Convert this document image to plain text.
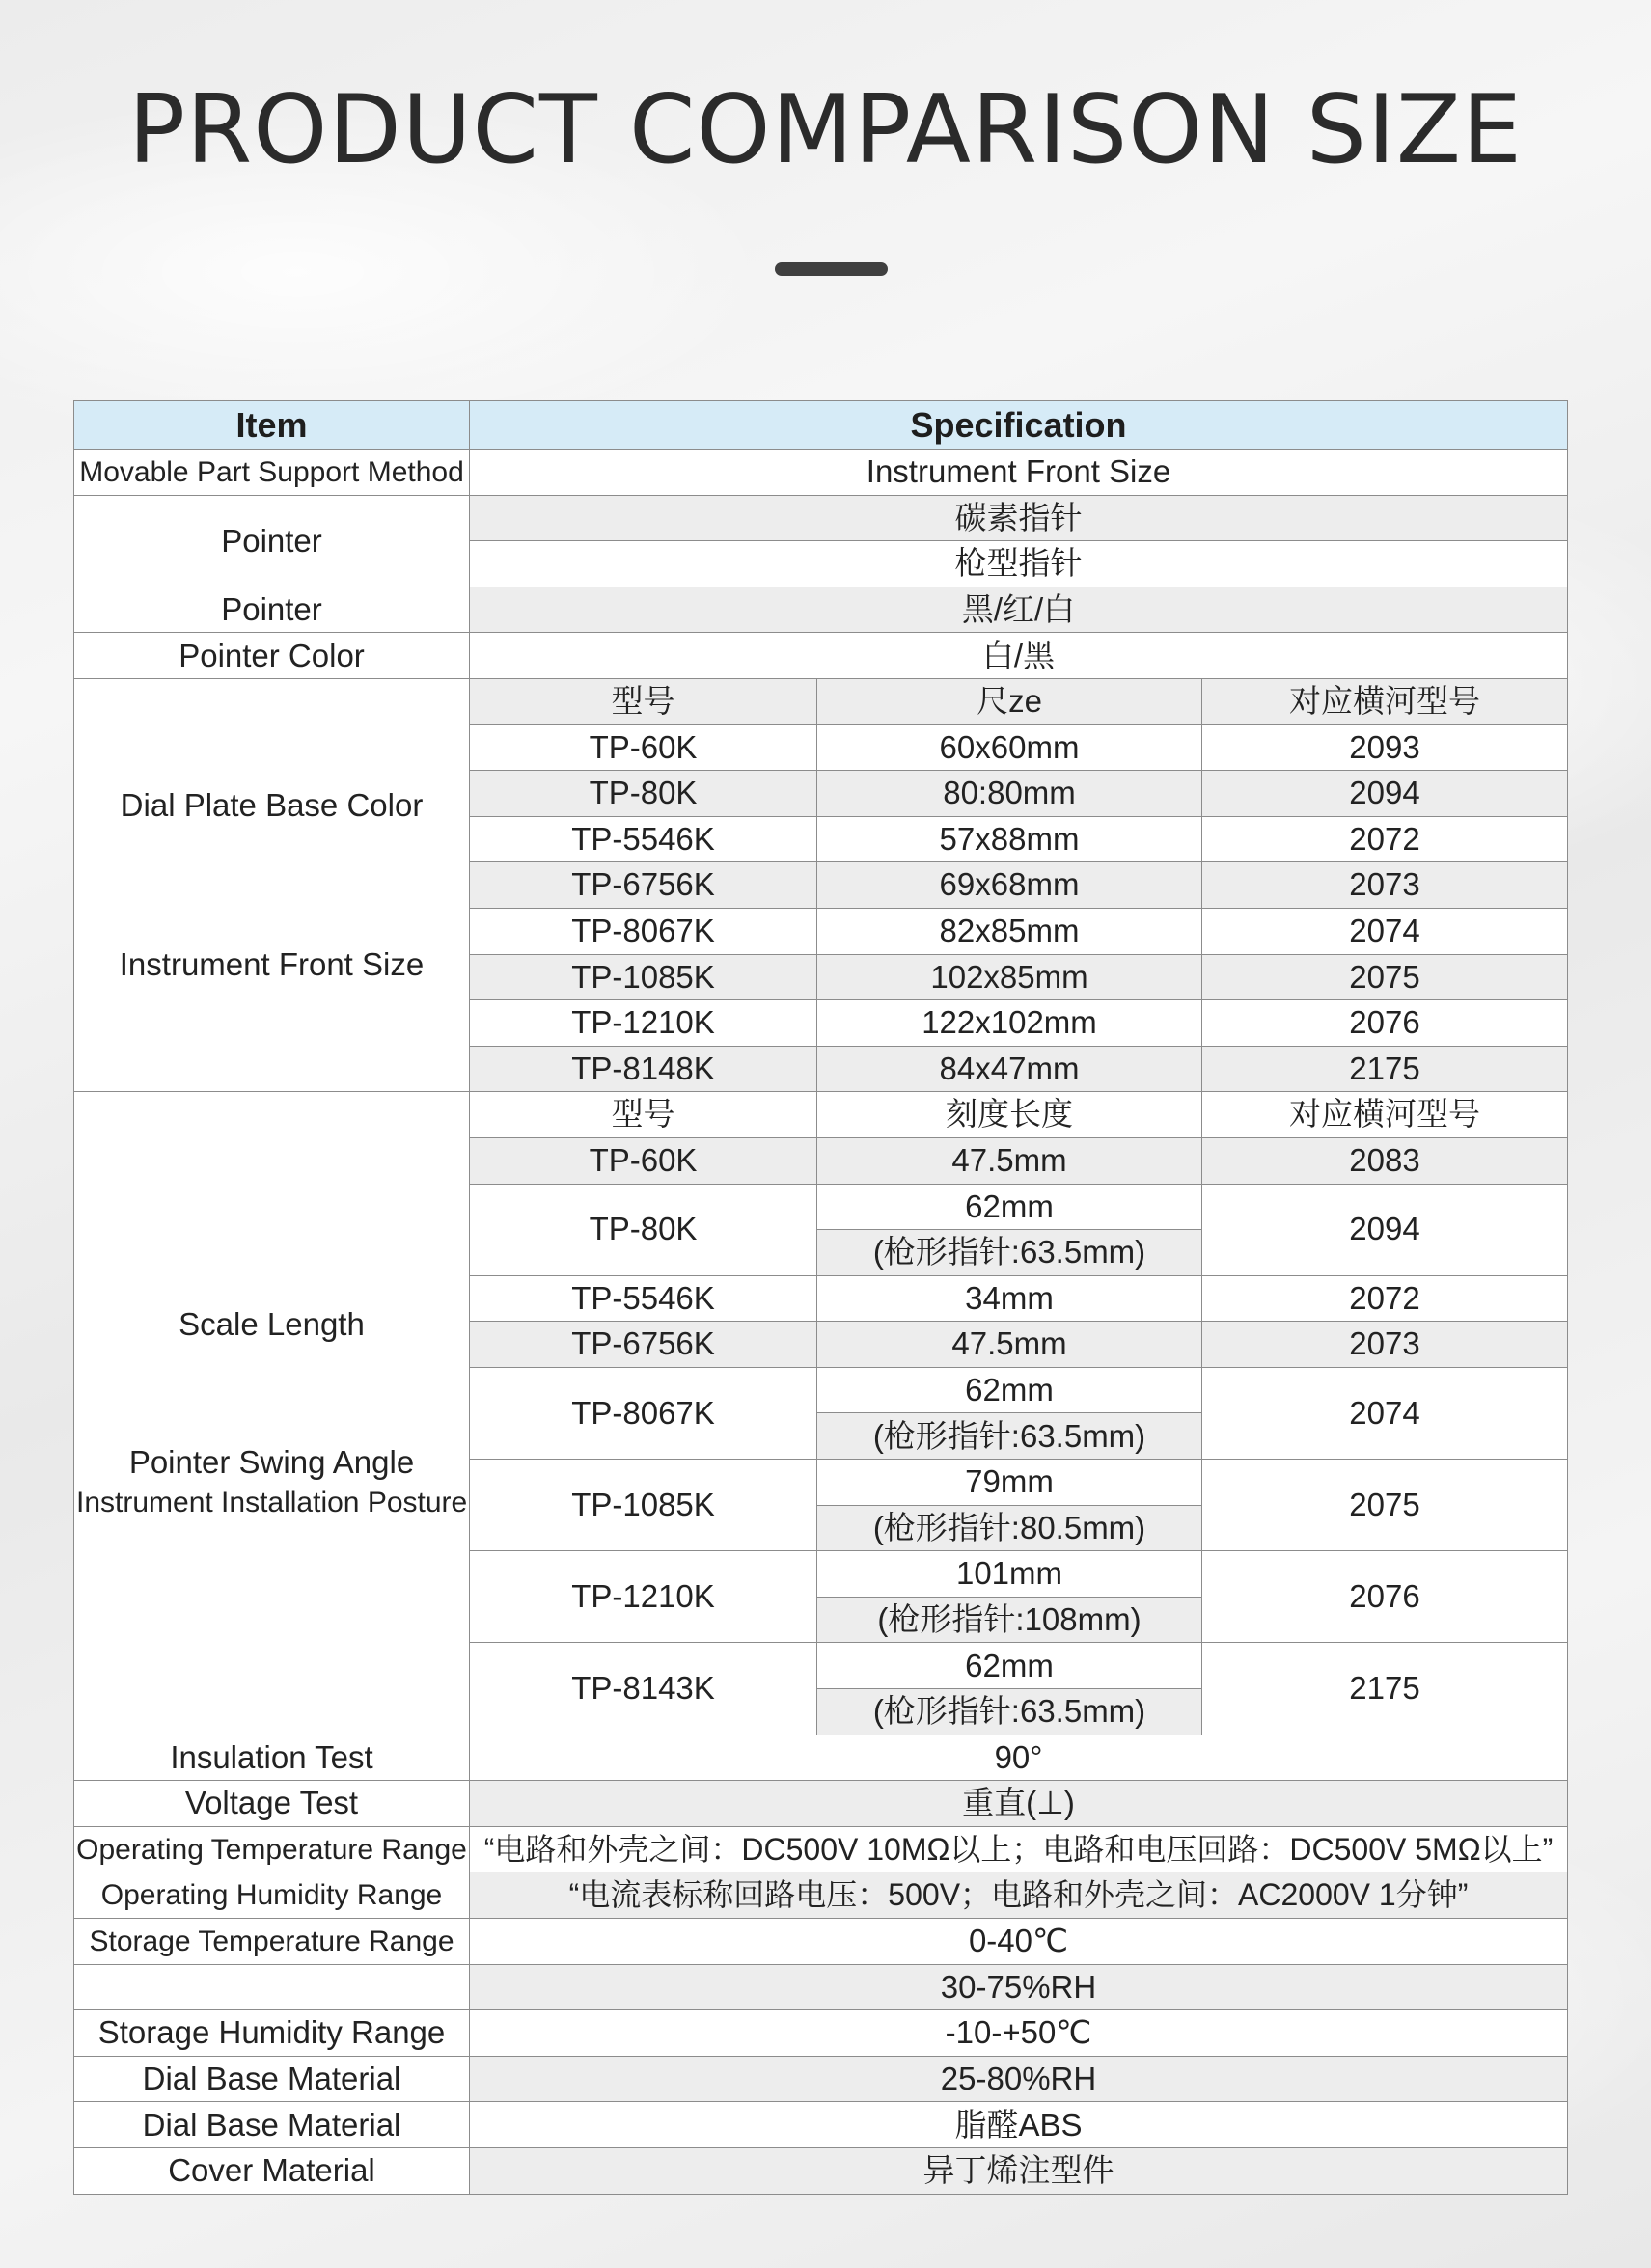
PRODUCT COMPARISON SIZE
Item	Specification		
Movable Part Support Method	Instrument Front Size		
Pointer	碳素指针		
	枪型指针		
Pointer	黑/红/白		
Pointer Color	白/黑		

Dial Plate Base Color
Instrument Front Size	型号	尺ze	对应横河型号
	TP-60K	60x60mm	2093
	TP-80K	80:80mm	2094
	TP-5546K	57x88mm	2072
	TP-6756K	69x68mm	2073
	TP-8067K	82x85mm	2074
	TP-1085K	102x85mm	2075
	TP-1210K	122x102mm	2076
	TP-8148K	84x47mm	2175

Scale Length
Pointer Swing Angle
Instrument Installation Posture	型号	刻度长度	对应横河型号
	TP-60K	47.5mm	2083
	TP-80K	62mm	2094
		(枪形指针:63.5mm)	
	TP-5546K	34mm	2072
	TP-6756K	47.5mm	2073
	TP-8067K	62mm	2074
		(枪形指针:63.5mm)	
	TP-1085K	79mm	2075
		(枪形指针:80.5mm)	
	TP-1210K	101mm	2076
		(枪形指针:108mm)	
	TP-8143K	62mm	2175
		(枪形指针:63.5mm)	
Insulation Test	90°		
Voltage Test	重直(⊥)		
Operating Temperature Range	“电路和外壳之间：DC500V 10MΩ以上；电路和电压回路：DC500V 5MΩ以上”		
Operating Humidity Range	“电流表标称回路电压：500V；电路和外壳之间：AC2000V 1分钟”		
Storage Temperature Range	0-40℃		
	30-75%RH		
Storage Humidity Range	-10-+50℃		
Dial Base Material	25-80%RH		
Dial Base Material	脂醛ABS		
Cover Material	异丁烯注型件		
